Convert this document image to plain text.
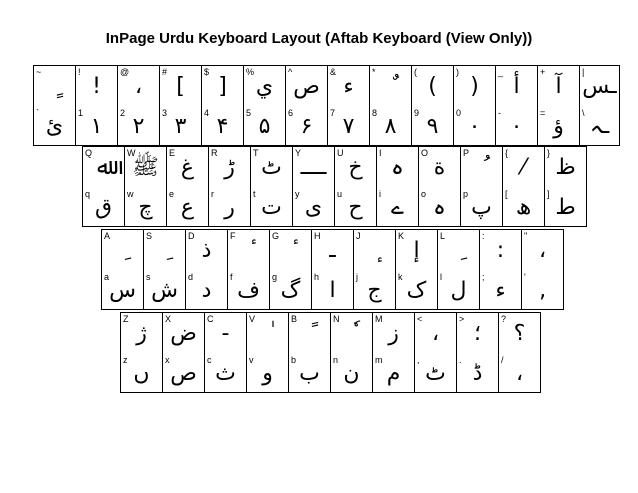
InPage Urdu Keyboard Layout (Aftab Keyboard (View Only))
~
`
ئ
!
!
1
۱
@
،
2
۲
#
[
3
۳
$
]
4
۴
%
ي
5
۵
^
ص
6
۶
&
ء
7
۷
*
8
۸
(
(
9
۹
)
)
0
۰
_
أ
-
٠
+
آ
=
ؤ
|
ـس
\
ـہ
Q
ﷲ
q
ق
W
ﷺ
w
چ
E
غ
e
ع
R
ڑ
r
ر
T
ٹ
t
ت
Y
ــــ
y
ی
U
خ
u
ح
I
ہ
i
ے
O
ة
o
ہ
P
p
پ
{
⁄
[
ھ
}
ظ
]
ط
A
a
س
S
s
ش
D
ذ
d
د
F
f
ف
G
g
گ
H
ـ
h
ا
J
j
ج
K
إ
k
ک
L
l
ل
:
:
;
ء
"
،
'
‚
Z
ژ
z
ں
X
ض
x
ص
C
-
c
ث
V
v
و
B
b
ب
N
n
ن
M
ز
m
م
<
،
,
ٹ
>
؛
.
ڈ
?
؟
/
،
